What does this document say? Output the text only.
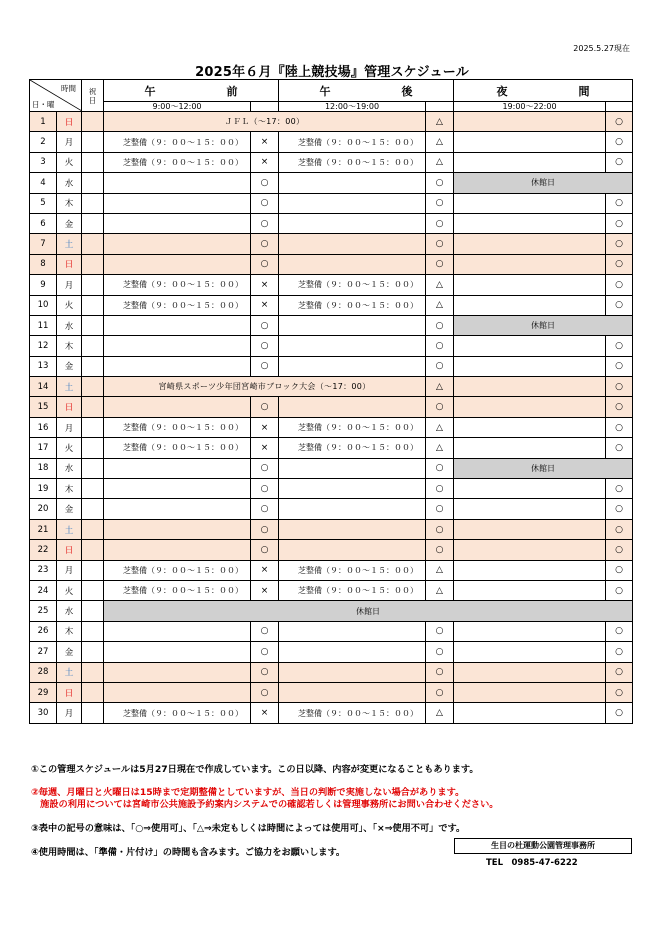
2025.5.27現在
2025年６月『陸上競技場』管理スケジュール
時間
日・曜		祝
日	午　前		午　後		夜　間	
			9:00～12:00		12:00～19:00		19:00～22:00	
1	日		ＪＦＬ（～17：00）			△		○
2	月		芝整備（９：００～１５：００）	×	芝整備（９：００～１５：００）	△		○
3	火		芝整備（９：００～１５：００）	×	芝整備（９：００～１５：００）	△		○
4	水			○		○	休館日	
5	木			○		○		○
6	金			○		○		○
7	土			○		○		○
8	日			○		○		○
9	月		芝整備（９：００～１５：００）	×	芝整備（９：００～１５：００）	△		○
10	火		芝整備（９：００～１５：００）	×	芝整備（９：００～１５：００）	△		○
11	水			○		○	休館日	
12	木			○		○		○
13	金			○		○		○
14	土		宮崎県スポーツ少年団宮崎市ブロック大会（～17：00）			△		○
15	日			○		○		○
16	月		芝整備（９：００～１５：００）	×	芝整備（９：００～１５：００）	△		○
17	火		芝整備（９：００～１５：００）	×	芝整備（９：００～１５：００）	△		○
18	水			○		○	休館日	
19	木			○		○		○
20	金			○		○		○
21	土			○		○		○
22	日			○		○		○
23	月		芝整備（９：００～１５：００）	×	芝整備（９：００～１５：００）	△		○
24	火		芝整備（９：００～１５：００）	×	芝整備（９：００～１５：００）	△		○
25	水		休館日					
26	木			○		○		○
27	金			○		○		○
28	土			○		○		○
29	日			○		○		○
30	月		芝整備（９：００～１５：００）	×	芝整備（９：００～１５：００）	△		○
①この管理スケジュールは5月27日現在で作成しています。この日以降、内容が変更になることもあります。
②毎週、月曜日と火曜日は15時まで定期整備としていますが、当日の判断で実施しない場合があります。
　施設の利用については宮崎市公共施設予約案内システムでの確認若しくは管理事務所にお問い合わせください。
③表中の記号の意味は、「○⇒使用可」、「△⇒未定もしくは時間によっては使用可」、「×⇒使用不可」です。
④使用時間は、「準備・片付け」の時間も含みます。ご協力をお願いします。
生目の杜運動公園管理事務所
TEL　0985-47-6222
